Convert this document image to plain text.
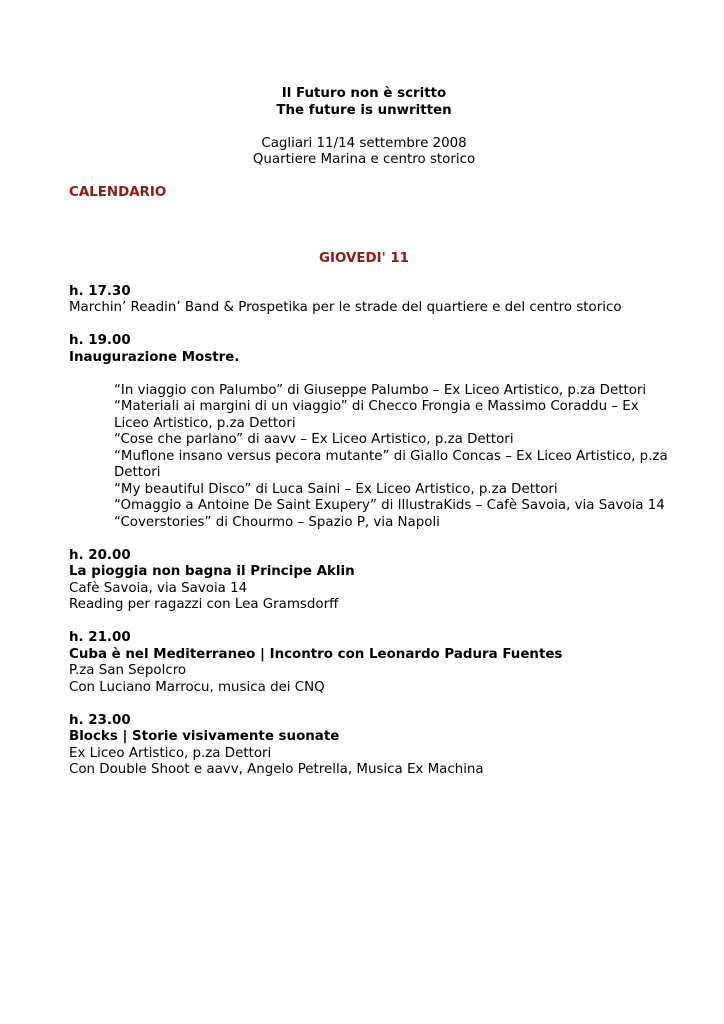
Il Futuro non è scritto
The future is unwritten
Cagliari 11/14 settembre 2008
Quartiere Marina e centro storico
CALENDARIO
GIOVEDI' 11
h. 17.30
Marchin’ Readin’ Band & Prospetika per le strade del quartiere e del centro storico
h. 19.00
Inaugurazione Mostre.
“In viaggio con Palumbo” di Giuseppe Palumbo – Ex Liceo Artistico, p.za Dettori
“Materiali ai margini di un viaggio” di Checco Frongia e Massimo Coraddu – Ex Liceo Artistico, p.za Dettori
“Cose che parlano” di aavv – Ex Liceo Artistico, p.za Dettori
“Muflone insano versus pecora mutante” di Giallo Concas – Ex Liceo Artistico, p.za Dettori
“My beautiful Disco” di Luca Saini – Ex Liceo Artistico, p.za Dettori
“Omaggio a Antoine De Saint Exupery” di IllustraKids – Cafè Savoia, via Savoia 14
“Coverstories” di Chourmo – Spazio P, via Napoli
h. 20.00
La pioggia non bagna il Principe Aklin
Cafè Savoia, via Savoia 14
Reading per ragazzi con Lea Gramsdorff
h. 21.00
Cuba è nel Mediterraneo | Incontro con Leonardo Padura Fuentes
P.za San Sepolcro
Con Luciano Marrocu, musica dei CNQ
h. 23.00
Blocks | Storie visivamente suonate
Ex Liceo Artistico, p.za Dettori
Con Double Shoot e aavv, Angelo Petrella, Musica Ex Machina
